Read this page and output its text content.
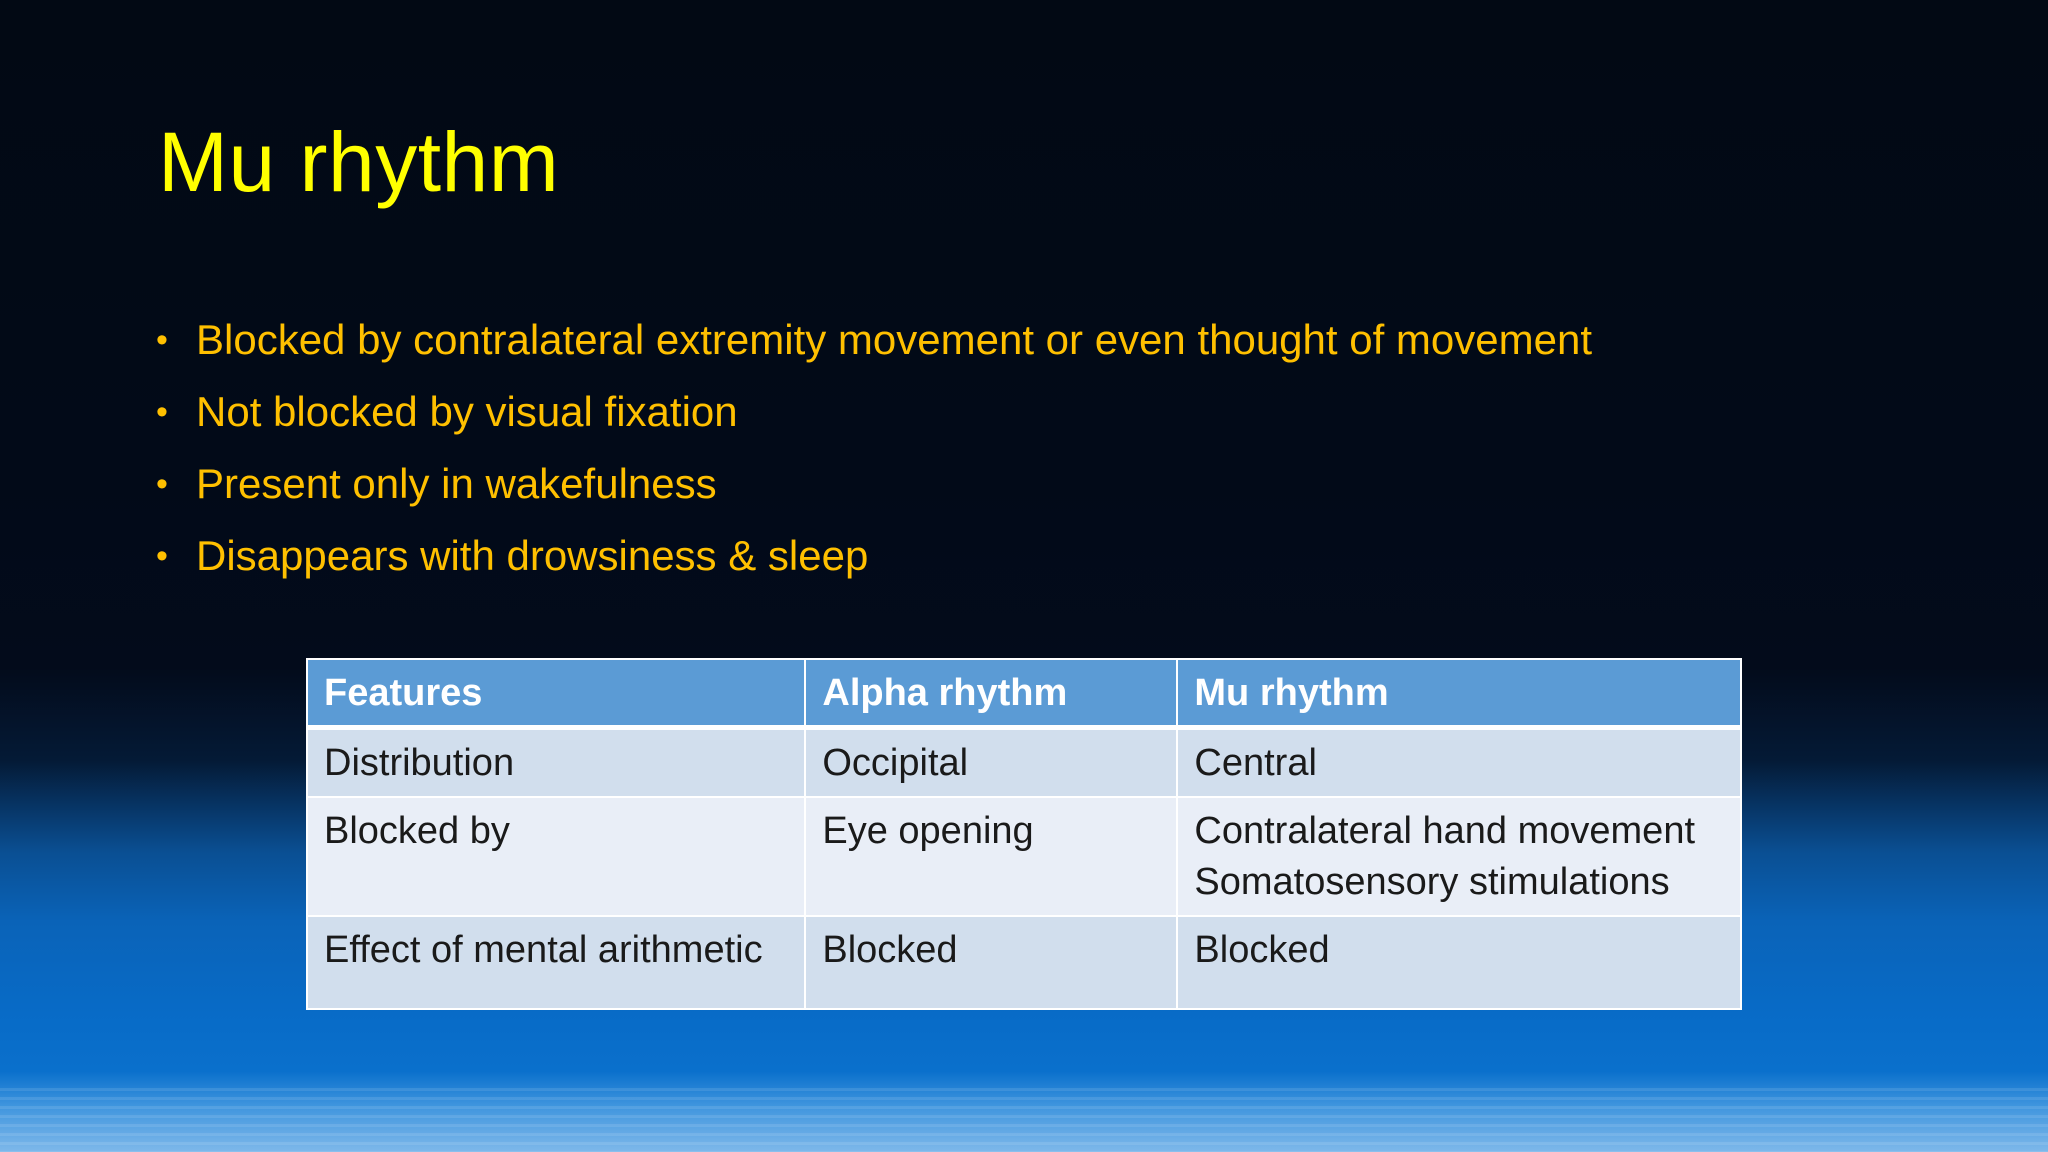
Mu rhythm
• Blocked by contralateral extremity movement or even thought of movement
• Not blocked by visual fixation
• Present only in wakefulness
• Disappears with drowsiness & sleep
Features	Alpha rhythm	Mu rhythm
Distribution	Occipital	Central

Blocked by	Eye opening	Contralateral hand movement
Somatosensory stimulations

Effect of mental arithmetic	Blocked	Blocked
